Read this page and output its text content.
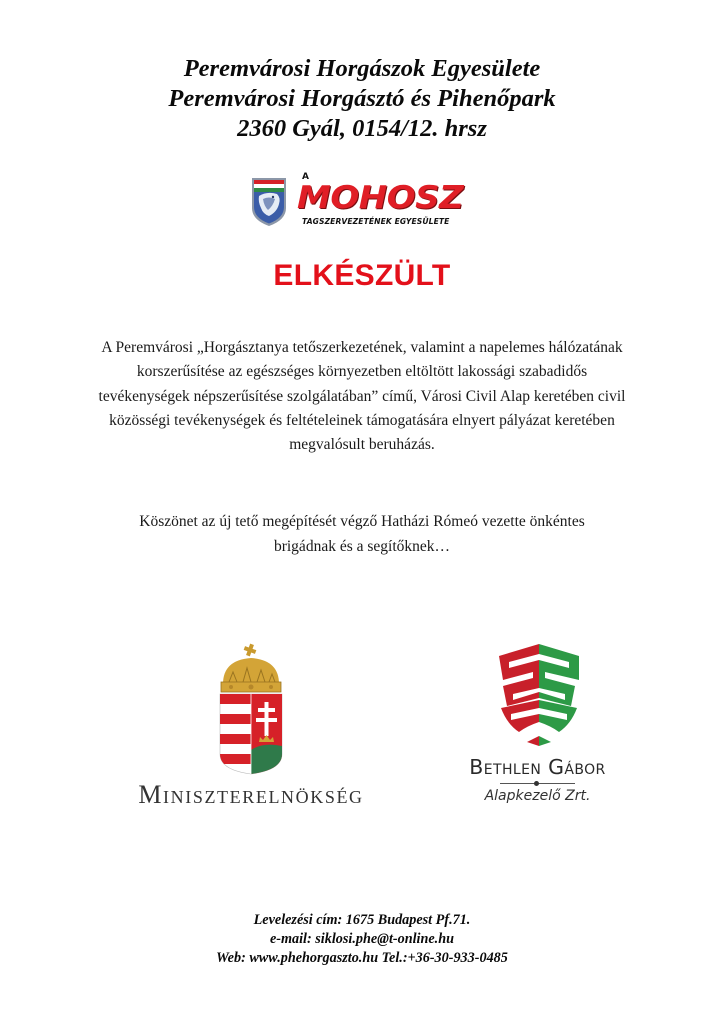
Peremvárosi Horgászok Egyesülete
Peremvárosi Horgásztó és Pihenőpark
2360 Gyál, 0154/12. hrsz
A
MOHOSZ
TAGSZERVEZETÉNEK EGYESÜLETE
ELKÉSZÜLT
A Peremvárosi „Horgásztanya tetőszerkezetének, valamint a napelemes hálózatának
korszerűsítése az egészséges környezetben eltöltött lakossági szabadidős
tevékenységek népszerűsítése szolgálatában” című, Városi Civil Alap keretében civil
közösségi tevékenységek és feltételeinek támogatására elnyert pályázat keretében
megvalósult beruházás.
Köszönet az új tető megépítését végző Hatházi Rómeó vezette önkéntes
brigádnak és a segítőknek…
Miniszterelnökség
Bethlen Gábor
Alapkezelő Zrt.
Levelezési cím: 1675 Budapest Pf.71.
e-mail: siklosi.phe@t-online.hu
Web: www.phehorgaszto.hu Tel.:+36-30-933-0485
